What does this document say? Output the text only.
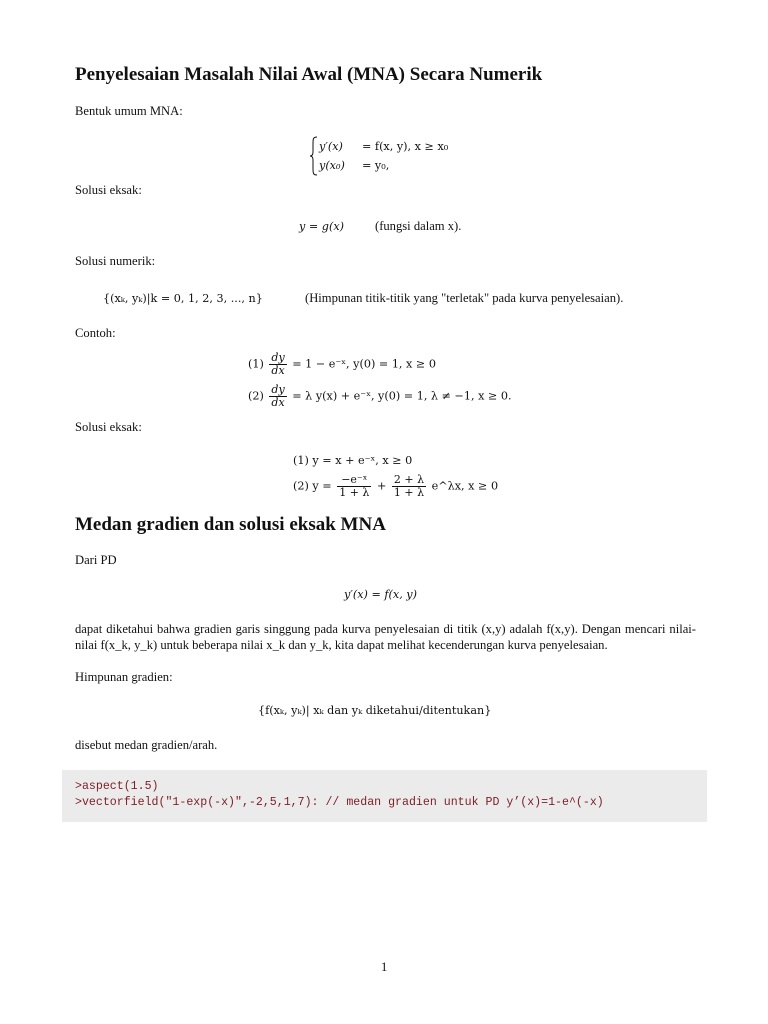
Penyelesaian Masalah Nilai Awal (MNA) Secara Numerik
Bentuk umum MNA:
y′(x) = f(x, y), x ≥ x₀
y(x₀) = y₀,
Solusi eksak:
y = g(x) (fungsi dalam x).
Solusi numerik:
{(xₖ, yₖ)|k = 0, 1, 2, 3, ..., n}	(Himpunan titik-titik yang "terletak" pada kurva penyelesaian).
Contoh:
$(1) \frac{dy}{dx} = 1$ − e⁻ˣ, y(0) = 1, x ≥ 0
$(2) \frac{dy}{dx} = \lambda$ y(x) + e⁻ˣ, y(0) = 1, λ ≠ −1, x ≥ 0.
Solusi eksak:
(1) y = x + e⁻ˣ, x ≥ 0
(2) $y = \frac{\text{−e⁻ˣ}}{1 + \lambda} + \frac{2 + \lambda}{1 + \lambda}$ e^λx, x ≥ 0
Medan gradien dan solusi eksak MNA
Dari PD
y′(x) = f(x, y)
dapat diketahui bahwa gradien garis singgung pada kurva penyelesaian di titik (x,y) adalah f(x,y). Dengan mencari nilai-nilai f(x_k, y_k) untuk beberapa nilai x_k dan y_k, kita dapat melihat kecenderungan kurva penyelesaian.
Himpunan gradien:
{f(xₖ, yₖ)| xₖ dan yₖ diketahui/ditentukan}
disebut medan gradien/arah.
>aspect(1.5)
>vectorfield("1-exp(-x)",-2,5,1,7): // medan gradien untuk PD y’(x)=1-e^(-x)
1
